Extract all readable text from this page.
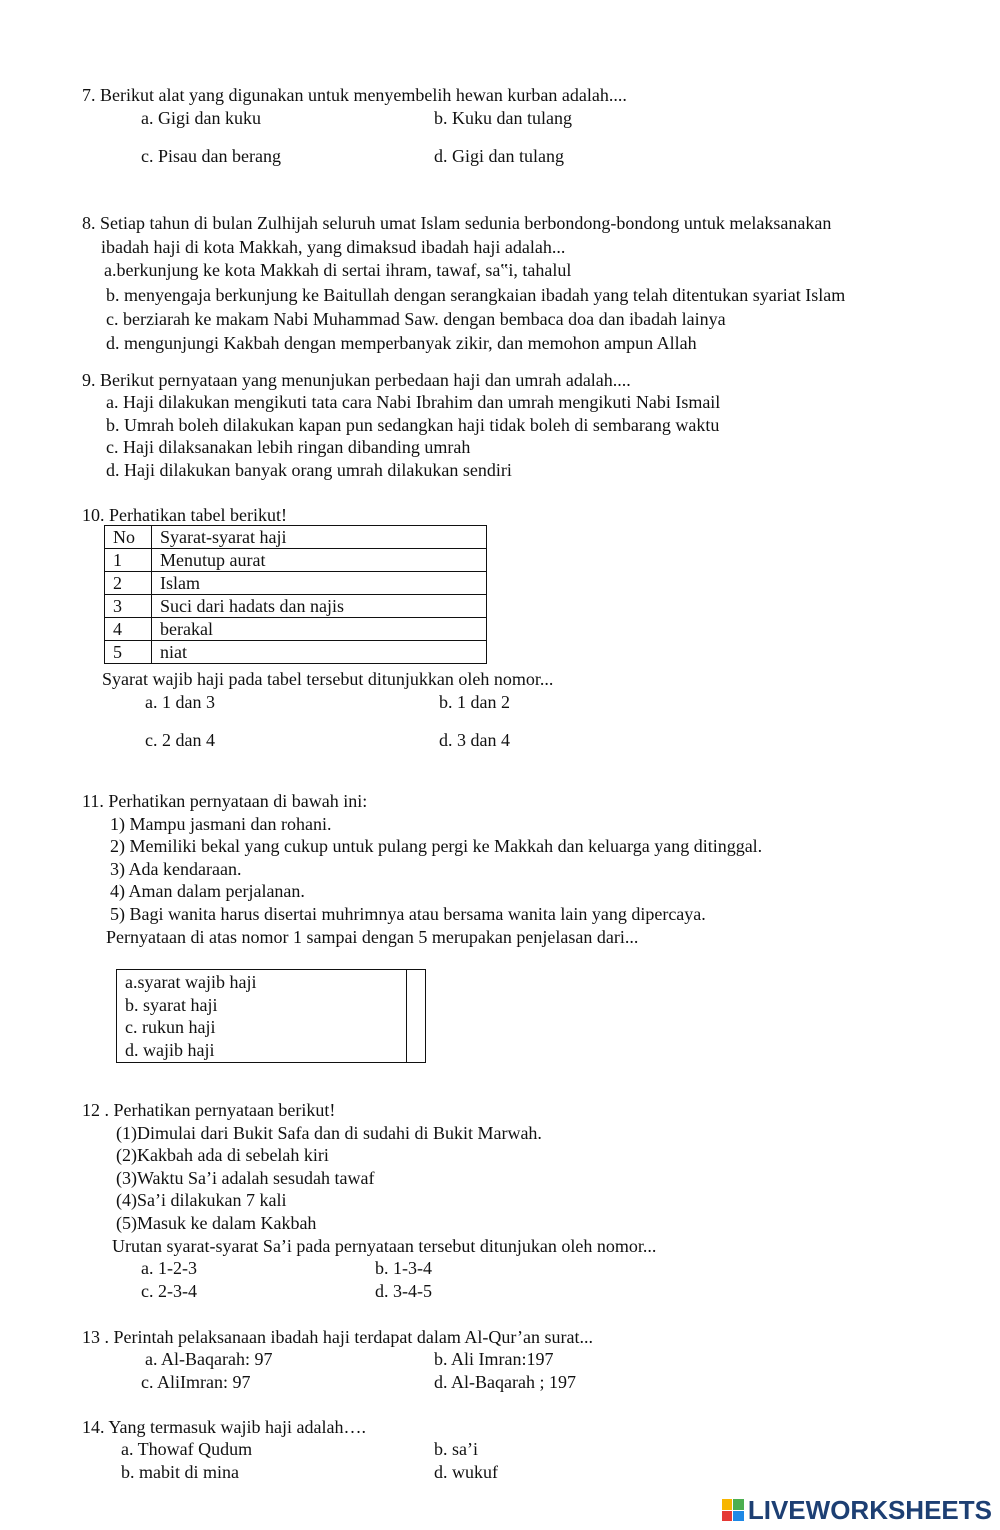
7. Berikut alat yang digunakan untuk menyembelih hewan kurban adalah....
a. Gigi dan kuku	b. Kuku dan tulang
c. Pisau dan berang	d. Gigi dan tulang
8. Setiap tahun di bulan Zulhijah seluruh umat Islam sedunia berbondong-bondong untuk melaksanakan
ibadah haji di kota Makkah, yang dimaksud ibadah haji adalah...
a.berkunjung ke kota Makkah di sertai ihram, tawaf, sa‟i, tahalul
b. menyengaja berkunjung ke Baitullah dengan serangkaian ibadah yang telah ditentukan syariat Islam
c. berziarah ke makam Nabi Muhammad Saw. dengan bembaca doa dan ibadah lainya
d. mengunjungi Kakbah dengan memperbanyak zikir, dan memohon ampun Allah
9. Berikut pernyataan yang menunjukan perbedaan haji dan umrah adalah....
a. Haji dilakukan mengikuti tata cara Nabi Ibrahim dan umrah mengikuti Nabi Ismail
b. Umrah boleh dilakukan kapan pun sedangkan haji tidak boleh di sembarang waktu
c. Haji dilaksanakan lebih ringan dibanding umrah
d. Haji dilakukan banyak orang umrah dilakukan sendiri
10. Perhatikan tabel berikut!
No	Syarat-syarat haji
1	Menutup aurat
2	Islam
3	Suci dari hadats dan najis
4	berakal
5	niat
Syarat wajib haji pada tabel tersebut ditunjukkan oleh nomor...
a. 1 dan 3	b. 1 dan 2
c. 2 dan 4	d. 3 dan 4
11. Perhatikan pernyataan di bawah ini:
1) Mampu jasmani dan rohani.
2) Memiliki bekal yang cukup untuk pulang pergi ke Makkah dan keluarga yang ditinggal.
3) Ada kendaraan.
4) Aman dalam perjalanan.
5) Bagi wanita harus disertai muhrimnya atau bersama wanita lain yang dipercaya.
Pernyataan di atas nomor 1 sampai dengan 5 merupakan penjelasan dari...
a.syarat wajib haji
b. syarat haji
c. rukun haji
d. wajib haji
12 . Perhatikan pernyataan berikut!
(1)Dimulai dari Bukit Safa dan di sudahi di Bukit Marwah.
(2)Kakbah ada di sebelah kiri
(3)Waktu Sa’i adalah sesudah tawaf
(4)Sa’i dilakukan 7 kali
(5)Masuk ke dalam Kakbah
Urutan syarat-syarat Sa’i pada pernyataan tersebut ditunjukan oleh nomor...
a. 1-2-3	b. 1-3-4
c. 2-3-4	d. 3-4-5
13 . Perintah pelaksanaan ibadah haji terdapat dalam Al-Qur’an surat...
a. Al-Baqarah: 97	b. Ali Imran:197
c. AliImran: 97	d. Al-Baqarah ; 197
14. Yang termasuk wajib haji adalah….
a. Thowaf Qudum	b. sa’i
b. mabit di mina	d. wukuf
LIVEWORKSHEETS
